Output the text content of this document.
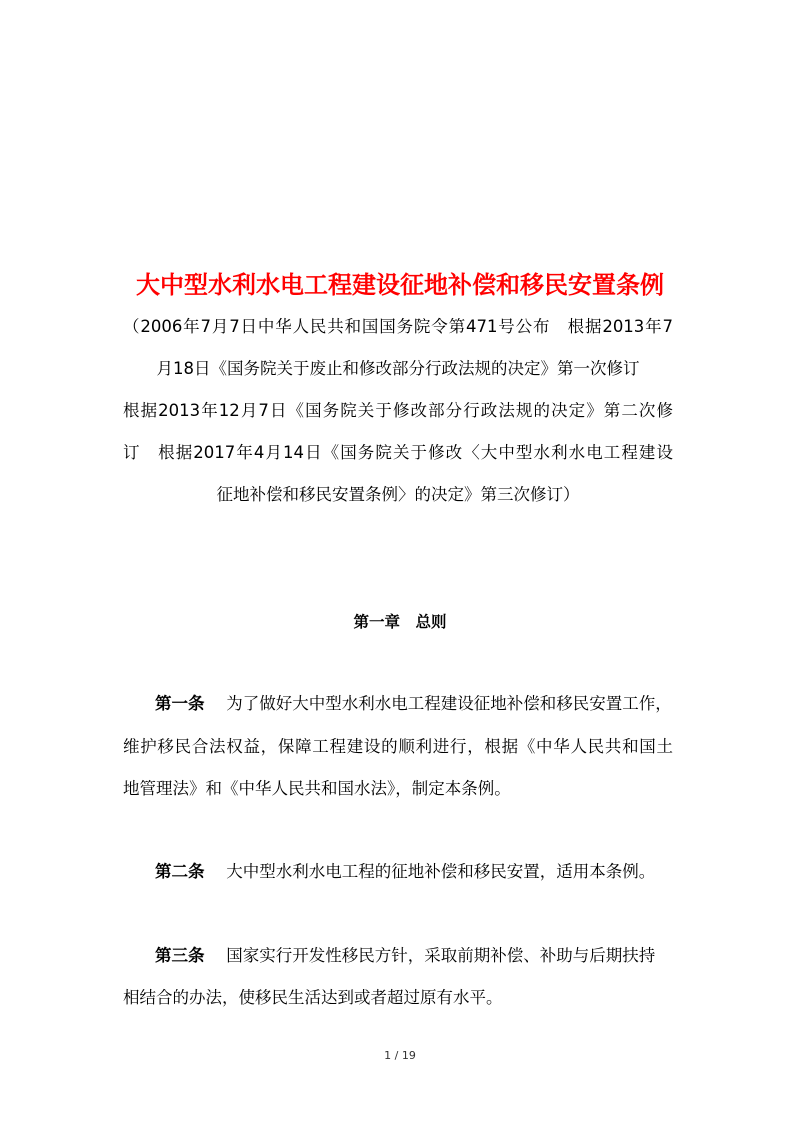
大中型水利水电工程建设征地补偿和移民安置条例
（2006年7月7日中华人民共和国国务院令第471号公布　根据2013年7
月18日《国务院关于废止和修改部分行政法规的决定》第一次修订
根据2013年12月7日《国务院关于修改部分行政法规的决定》第二次修
订　根据2017年4月14日《国务院关于修改〈大中型水利水电工程建设
征地补偿和移民安置条例〉的决定》第三次修订）
第一章　总则
第一条　 为了做好大中型水利水电工程建设征地补偿和移民安置工作，
维护移民合法权益，保障工程建设的顺利进行，根据《中华人民共和国土
地管理法》和《中华人民共和国水法》，制定本条例。
第二条　 大中型水利水电工程的征地补偿和移民安置，适用本条例。
第三条　 国家实行开发性移民方针，采取前期补偿、补助与后期扶持
相结合的办法，使移民生活达到或者超过原有水平。
1 / 19
